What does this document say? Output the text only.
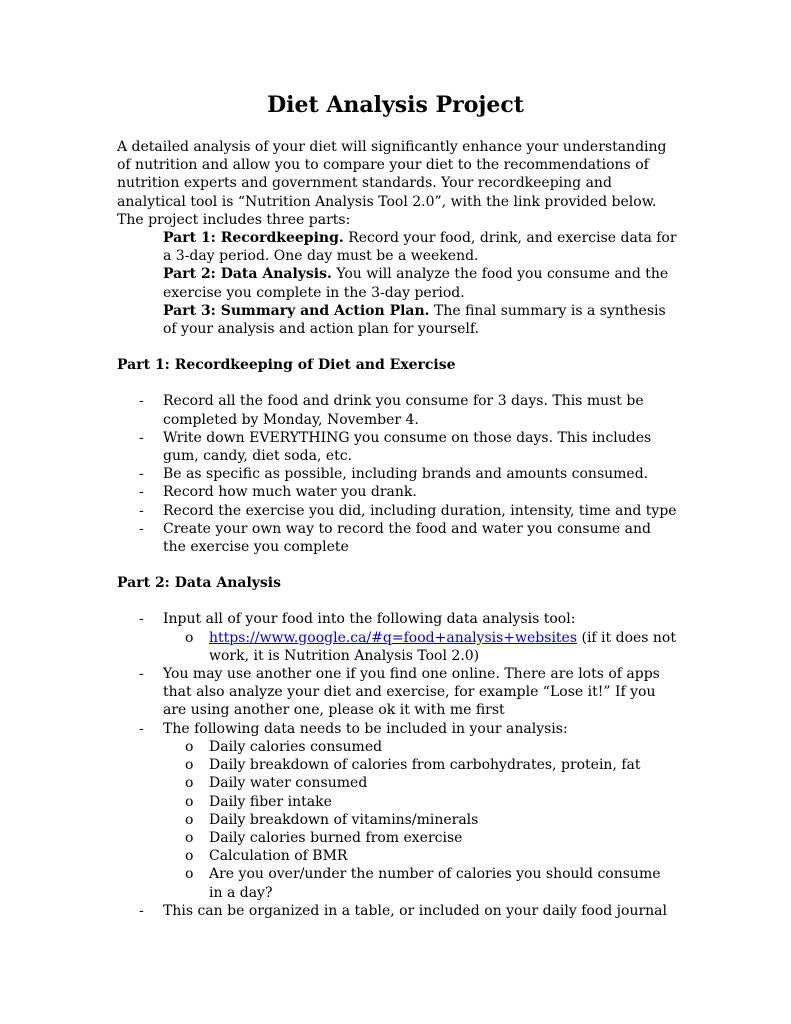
Diet Analysis Project

A detailed analysis of your diet will significantly enhance your understanding of nutrition and allow you to compare your diet to the recommendations of nutrition experts and government standards. Your recordkeeping and analytical tool is “Nutrition Analysis Tool 2.0”, with the link provided below. The project includes three parts:

Part 1: Recordkeeping. Record your food, drink, and exercise data for a 3-day period. One day must be a weekend.

Part 2: Data Analysis. You will analyze the food you consume and the exercise you complete in the 3-day period.

Part 3: Summary and Action Plan. The final summary is a synthesis of your analysis and action plan for yourself.

Part 1: Recordkeeping of Diet and Exercise

- Record all the food and drink you consume for 3 days. This must be completed by Monday, November 4.
- Write down EVERYTHING you consume on those days. This includes gum, candy, diet soda, etc.
- Be as specific as possible, including brands and amounts consumed.
- Record how much water you drank.
- Record the exercise you did, including duration, intensity, time and type
- Create your own way to record the food and water you consume and the exercise you complete

Part 2: Data Analysis

- Input all of your food into the following data analysis tool:
o https://www.google.ca/#q=food+analysis+websites (if it does not work, it is Nutrition Analysis Tool 2.0)
- You may use another one if you find one online. There are lots of apps that also analyze your diet and exercise, for example “Lose it!” If you are using another one, please ok it with me first
- The following data needs to be included in your analysis:
o Daily calories consumed
o Daily breakdown of calories from carbohydrates, protein, fat
o Daily water consumed
o Daily fiber intake
o Daily breakdown of vitamins/minerals
o Daily calories burned from exercise
o Calculation of BMR
o Are you over/under the number of calories you should consume in a day?
- This can be organized in a table, or included on your daily food journal
